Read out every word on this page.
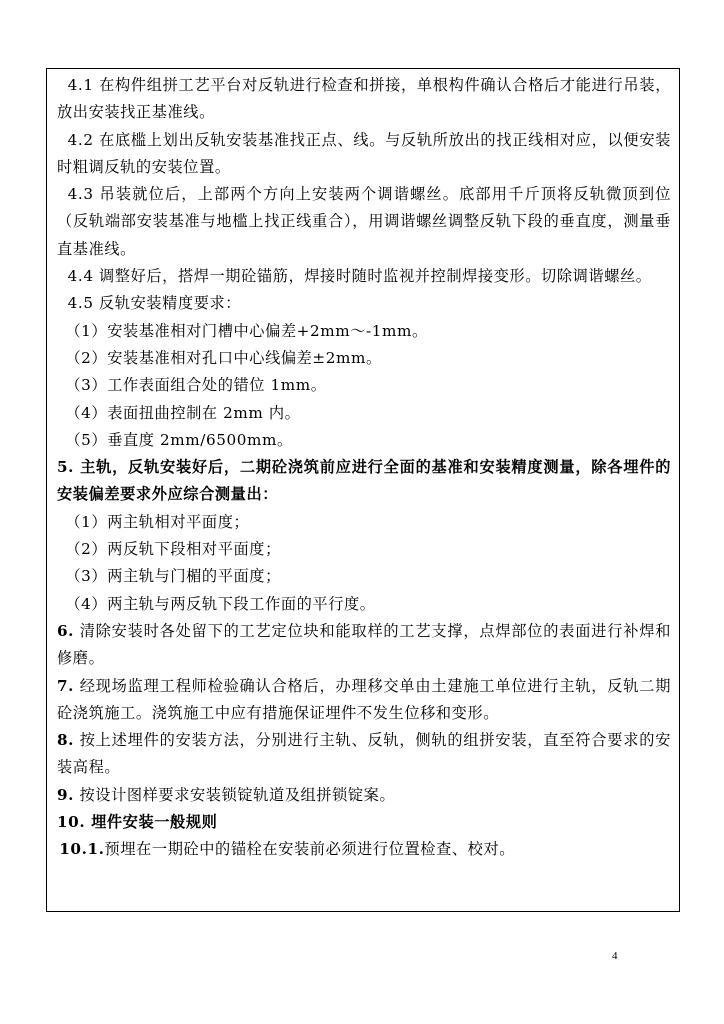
4.1 在构件组拼工艺平台对反轨进行检查和拼接，单根构件确认合格后才能进行吊装，放出安装找正基准线。

4.2 在底槛上划出反轨安装基准找正点、线。与反轨所放出的找正线相对应，以便安装时粗调反轨的安装位置。

4.3 吊装就位后，上部两个方向上安装两个调谐螺丝。底部用千斤顶将反轨微顶到位（反轨端部安装基准与地槛上找正线重合），用调谐螺丝调整反轨下段的垂直度，测量垂直基准线。

4.4 调整好后，搭焊一期砼锚筋，焊接时随时监视并控制焊接变形。切除调谐螺丝。

4.5 反轨安装精度要求：

（1）安装基准相对门槽中心偏差+2mm～-1mm。

（2）安装基准相对孔口中心线偏差±2mm。

（3）工作表面组合处的错位 1mm。

（4）表面扭曲控制在 2mm 内。

（5）垂直度 2mm/6500mm。

5. 主轨，反轨安装好后，二期砼浇筑前应进行全面的基准和安装精度测量，除各埋件的安装偏差要求外应综合测量出：

（1）两主轨相对平面度；

（2）两反轨下段相对平面度；

（3）两主轨与门楣的平面度；

（4）两主轨与两反轨下段工作面的平行度。

6. 清除安装时各处留下的工艺定位块和能取样的工艺支撑，点焊部位的表面进行补焊和修磨。

7. 经现场监理工程师检验确认合格后，办理移交单由土建施工单位进行主轨，反轨二期砼浇筑施工。浇筑施工中应有措施保证埋件不发生位移和变形。

8. 按上述埋件的安装方法，分别进行主轨、反轨，侧轨的组拼安装，直至符合要求的安装高程。

9. 按设计图样要求安装锁锭轨道及组拼锁锭案。

10. 埋件安装一般规则

10.1.预埋在一期砼中的锚栓在安装前必须进行位置检查、校对。

4
